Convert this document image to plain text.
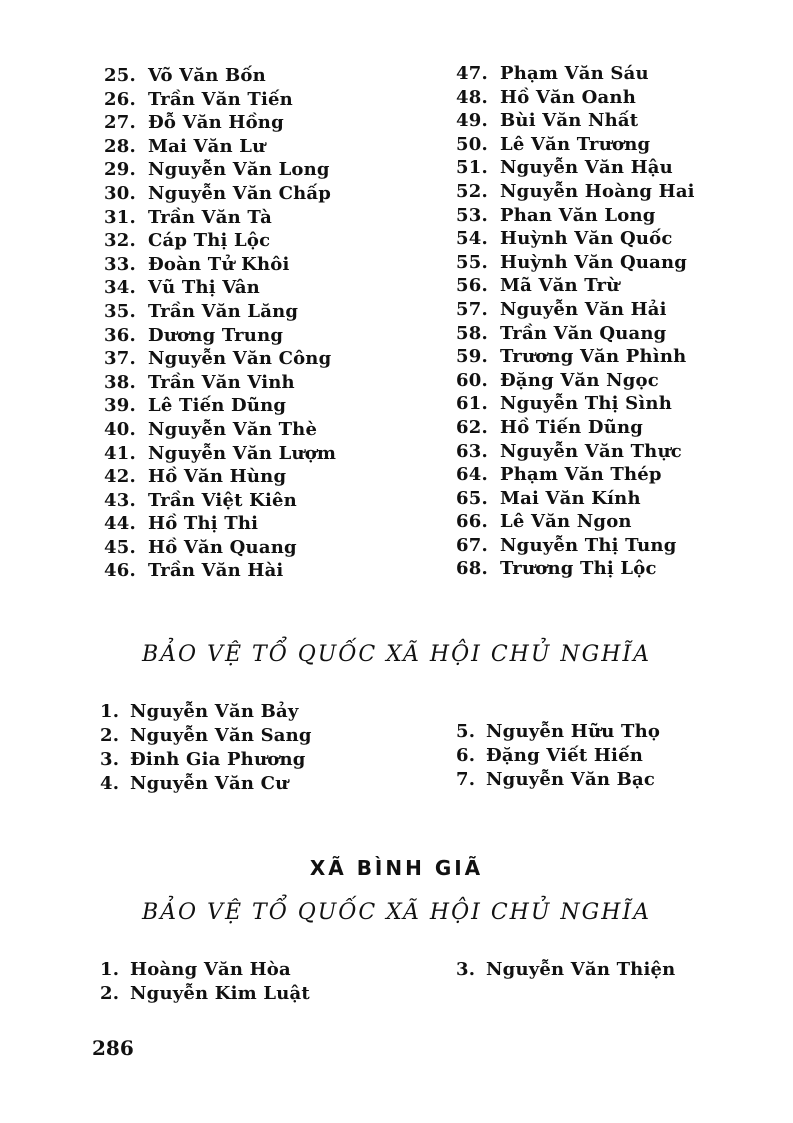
25. Võ Văn Bốn
26. Trần Văn Tiến
27. Đỗ Văn Hồng
28. Mai Văn Lư
29. Nguyễn Văn Long
30. Nguyễn Văn Chấp
31. Trần Văn Tà
32. Cáp Thị Lộc
33. Đoàn Tử Khôi
34. Vũ Thị Vân
35. Trần Văn Lăng
36. Dương Trung
37. Nguyễn Văn Công
38. Trần Văn Vinh
39. Lê Tiến Dũng
40. Nguyễn Văn Thè
41. Nguyễn Văn Lượm
42. Hồ Văn Hùng
43. Trần Việt Kiên
44. Hồ Thị Thi
45. Hồ Văn Quang
46. Trần Văn Hài
47. Phạm Văn Sáu
48. Hồ Văn Oanh
49. Bùi Văn Nhất
50. Lê Văn Trương
51. Nguyễn Văn Hậu
52. Nguyễn Hoàng Hai
53. Phan Văn Long
54. Huỳnh Văn Quốc
55. Huỳnh Văn Quang
56. Mã Văn Trừ
57. Nguyễn Văn Hải
58. Trần Văn Quang
59. Trương Văn Phình
60. Đặng Văn Ngọc
61. Nguyễn Thị Sình
62. Hồ Tiến Dũng
63. Nguyễn Văn Thực
64. Phạm Văn Thép
65. Mai Văn Kính
66. Lê Văn Ngon
67. Nguyễn Thị Tung
68. Trương Thị Lộc
BẢO VỆ TỔ QUỐC XÃ HỘI CHỦ NGHĨA
1. Nguyễn Văn Bảy
2. Nguyễn Văn Sang
3. Đinh Gia Phương
4. Nguyễn Văn Cư
5. Nguyễn Hữu Thọ
6. Đặng Viết Hiến
7. Nguyễn Văn Bạc
XÃ BÌNH GIÃ
BẢO VỆ TỔ QUỐC XÃ HỘI CHỦ NGHĨA
1. Hoàng Văn Hòa
2. Nguyễn Kim Luật
3. Nguyễn Văn Thiện
286
